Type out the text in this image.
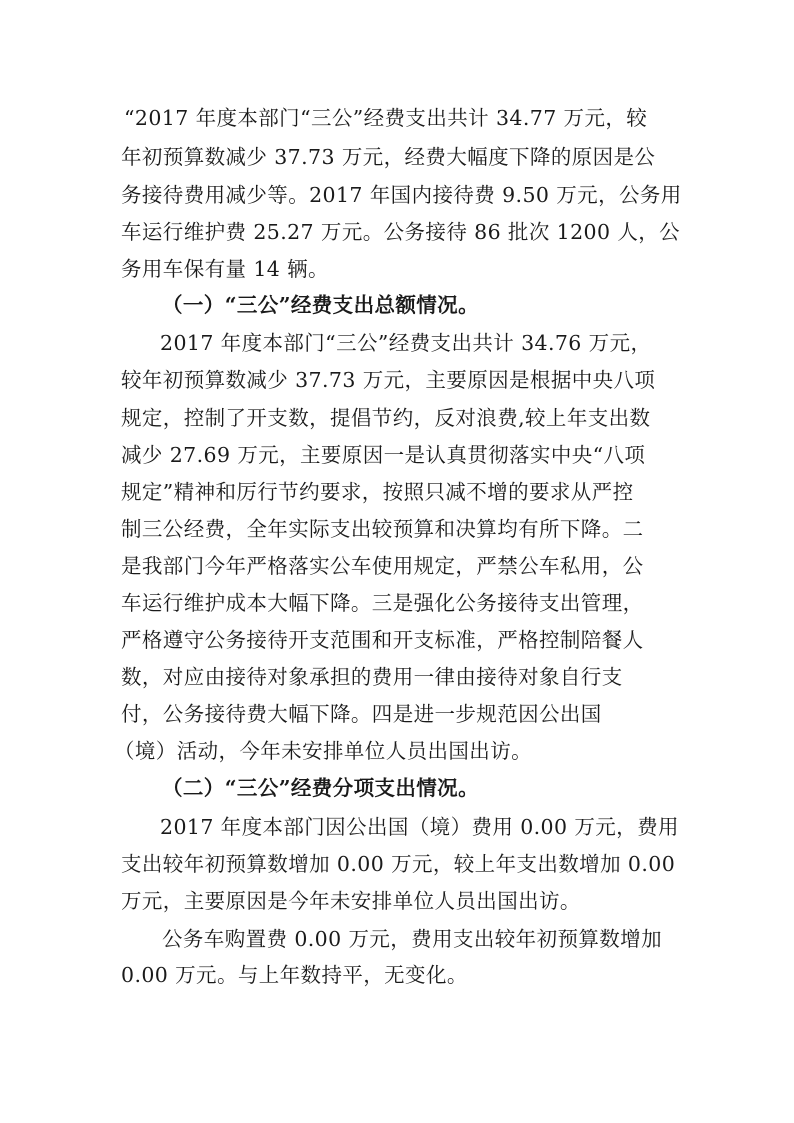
“2017 年度本部门“三公”经费支出共计 34.77 万元，较
年初预算数减少 37.73 万元，经费大幅度下降的原因是公
务接待费用减少等。2017 年国内接待费 9.50 万元，公务用
车运行维护费 25.27 万元。公务接待 86 批次 1200 人，公
务用车保有量 14 辆。
（一）“三公”经费支出总额情况。
2017 年度本部门“三公”经费支出共计 34.76 万元，
较年初预算数减少 37.73 万元，主要原因是根据中央八项
规定，控制了开支数，提倡节约，反对浪费,较上年支出数
减少 27.69 万元，主要原因一是认真贯彻落实中央“八项
规定”精神和厉行节约要求，按照只减不增的要求从严控
制三公经费，全年实际支出较预算和决算均有所下降。二
是我部门今年严格落实公车使用规定，严禁公车私用，公
车运行维护成本大幅下降。三是强化公务接待支出管理，
严格遵守公务接待开支范围和开支标准，严格控制陪餐人
数，对应由接待对象承担的费用一律由接待对象自行支
付，公务接待费大幅下降。四是进一步规范因公出国
（境）活动，今年未安排单位人员出国出访。
（二）“三公”经费分项支出情况。
2017 年度本部门因公出国（境）费用 0.00 万元，费用
支出较年初预算数增加 0.00 万元，较上年支出数增加 0.00
万元，主要原因是今年未安排单位人员出国出访。
公务车购置费 0.00 万元，费用支出较年初预算数增加
0.00 万元。与上年数持平，无变化。
